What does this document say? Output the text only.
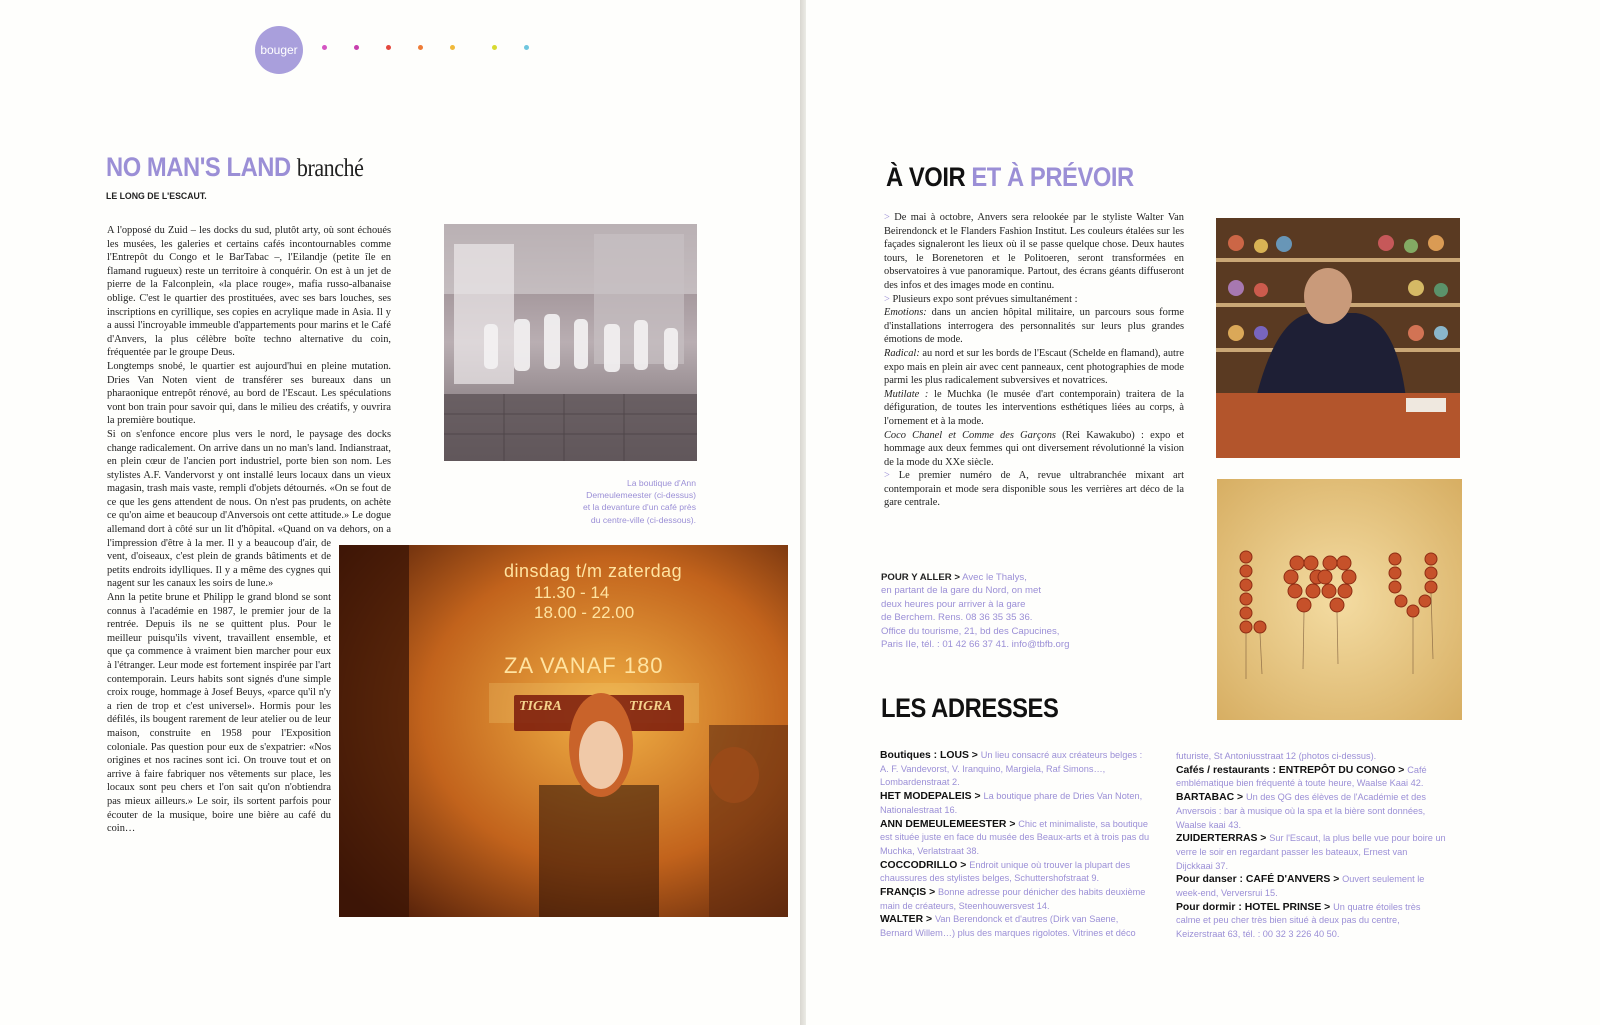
bouger
NO MAN'S LAND branché
LE LONG DE L'ESCAUT.

A l'opposé du Zuid – les docks du sud, plutôt arty, où sont échoués les musées, les galeries et certains cafés incontournables comme l'Entrepôt du Congo et le BarTabac –, l'Eilandje (petite île en flamand rugueux) reste un territoire à conquérir. On est à un jet de pierre de la Falconplein, «la place rouge», mafia russo-albanaise oblige. C'est le quartier des prostituées, avec ses bars louches, ses inscriptions en cyrillique, ses copies en acrylique made in Asia. Il y a aussi l'incroyable immeuble d'appartements pour marins et le Café d'Anvers, la plus célèbre boîte techno alternative du coin, fréquentée par le groupe Deus.

Longtemps snobé, le quartier est aujourd'hui en pleine mutation. Dries Van Noten vient de transférer ses bureaux dans un pharaonique entrepôt rénové, au bord de l'Escaut. Les spéculations vont bon train pour savoir qui, dans le milieu des créatifs, y ouvrira la première boutique.

Si on s'enfonce encore plus vers le nord, le paysage des docks change radicalement. On arrive dans un no man's land. Indianstraat, en plein cœur de l'ancien port industriel, porte bien son nom. Les stylistes A.F. Vandervorst y ont installé leurs locaux dans un vieux magasin, trash mais vaste, rempli d'objets détournés. «On se fout de ce que les gens attendent de nous. On n'est pas prudents, on achète ce qu'on aime et beaucoup d'Anversois ont cette attitude.» Le dogue allemand dort à côté sur un lit d'hôpital. «Quand on va dehors, on a l'impression d'être à la mer. Il y a beaucoup d'air, de vent, d'oiseaux, c'est plein de grands bâtiments et de petits endroits idylliques. Il y a même des cygnes qui nagent sur les canaux les soirs de lune.»

Ann la petite brune et Philipp le grand blond se sont connus à l'académie en 1987, le premier jour de la rentrée. Depuis ils ne se quittent plus. Pour le meilleur puisqu'ils vivent, travaillent ensemble, et que ça commence à vraiment bien marcher pour eux à l'étranger. Leur mode est fortement inspirée par l'art contemporain. Leurs habits sont signés d'une simple croix rouge, hommage à Josef Beuys, «parce qu'il n'y a rien de trop et c'est universel». Hormis pour les défilés, ils bougent rarement de leur atelier ou de leur maison, construite en 1958 pour l'Exposition coloniale. Pas question pour eux de s'expatrier: «Nos origines et nos racines sont ici. On trouve tout et on arrive à faire fabriquer nos vêtements sur place, les locaux sont peu chers et l'on sait qu'on n'obtiendra pas mieux ailleurs.» Le soir, ils sortent parfois pour écouter de la musique, boire une bière au café du coin…

La boutique d'Ann
Demeulemeester (ci-dessus)
et la devanture d'un café près
du centre-ville (ci-dessous).
dinsdag t/m zaterdag
11.30 - 14
18.00 - 22.00
ZA VANAF 180
TIGRA	TIGRA
À VOIR ET À PRÉVOIR

> De mai à octobre, Anvers sera relookée par le styliste Walter Van Beirendonck et le Flanders Fashion Institut. Les couleurs étalées sur les façades signaleront les lieux où il se passe quelque chose. Deux hautes tours, le Borenetoren et le Politoeren, seront transformées en observatoires à vue panoramique. Partout, des écrans géants diffuseront des infos et des images mode en continu.

> Plusieurs expo sont prévues simultanément :

Emotions: dans un ancien hôpital militaire, un parcours sous forme d'installations interrogera des personnalités sur leurs plus grandes émotions de mode.

Radical: au nord et sur les bords de l'Escaut (Schelde en flamand), autre expo mais en plein air avec cent panneaux, cent photographies de mode parmi les plus radicalement subversives et novatrices.

Mutilate : le Muchka (le musée d'art contemporain) traitera de la défiguration, de toutes les interventions esthétiques liées au corps, à l'ornement et à la mode.

Coco Chanel et Comme des Garçons (Rei Kawakubo) : expo et hommage aux deux femmes qui ont diversement révolutionné la vision de la mode du XXe siècle.

> Le premier numéro de A, revue ultrabranchée mixant art contemporain et mode sera disponible sous les verrières art déco de la gare centrale.

POUR Y ALLER > Avec le Thalys,
en partant de la gare du Nord, on met
deux heures pour arriver à la gare
de Berchem. Rens. 08 36 35 35 36.
Office du tourisme, 21, bd des Capucines,
Paris IIe, tél. : 01 42 66 37 41. info@tbfb.org
LES ADRESSES

Boutiques : LOUS > Un lieu consacré aux créateurs belges : A. F. Vandevorst, V. Iranquino, Margiela, Raf Simons…, Lombardenstraat 2.

HET MODEPALEIS > La boutique phare de Dries Van Noten, Nationalestraat 16.

ANN DEMEULEMEESTER > Chic et minimaliste, sa boutique est située juste en face du musée des Beaux-arts et à trois pas du Muchka, Verlatstraat 38.

COCCODRILLO > Endroit unique où trouver la plupart des chaussures des stylistes belges, Schuttershofstraat 9.

FRANÇIS > Bonne adresse pour dénicher des habits deuxième main de créateurs, Steenhouwersvest 14.

WALTER > Van Berendonck et d'autres (Dirk van Saene, Bernard Willem…) plus des marques rigolotes. Vitrines et déco

futuriste, St Antoniusstraat 12 (photos ci-dessus).

Cafés / restaurants : ENTREPÔT DU CONGO > Café emblématique bien fréquenté à toute heure, Waalse Kaai 42.

BARTABAC > Un des QG des élèves de l'Académie et des Anversois : bar à musique où la spa et la bière sont données, Waalse kaai 43.

ZUIDERTERRAS > Sur l'Escaut, la plus belle vue pour boire un verre le soir en regardant passer les bateaux, Ernest van Dijckkaai 37.

Pour danser : CAFÉ D'ANVERS > Ouvert seulement le week-end, Verversrui 15.

Pour dormir : HOTEL PRINSE > Un quatre étoiles très calme et peu cher très bien situé à deux pas du centre, Keizerstraat 63, tél. : 00 32 3 226 40 50.
